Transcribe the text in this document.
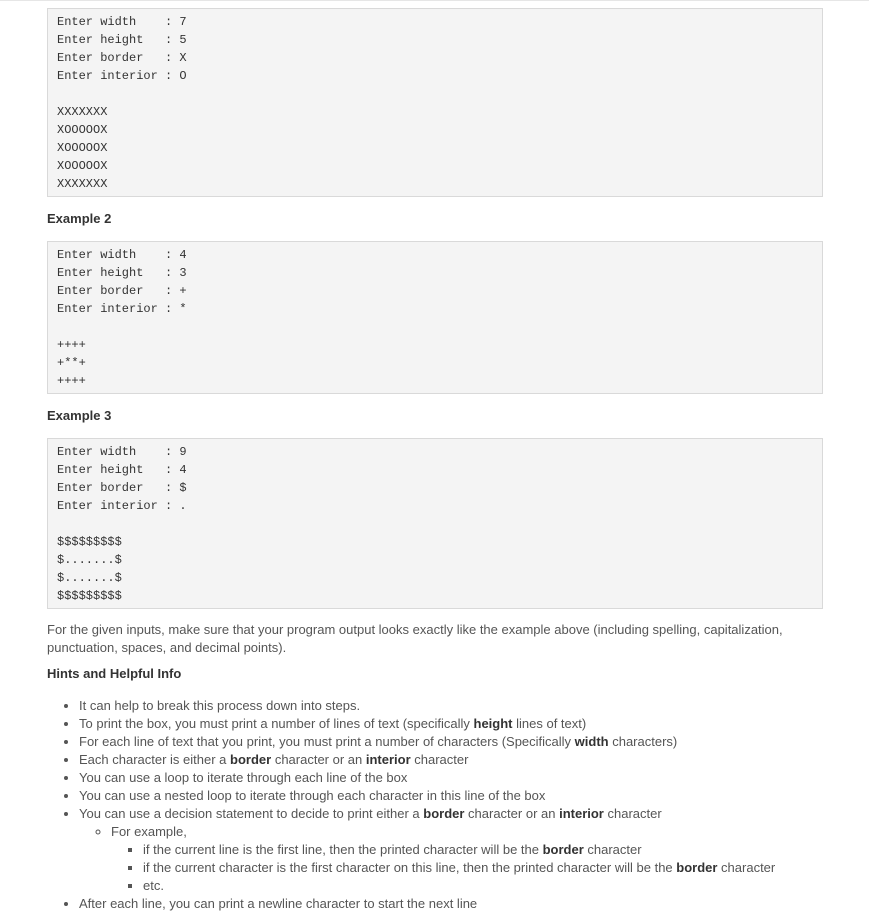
Enter width    : 7
Enter height   : 5
Enter border   : X
Enter interior : O
XXXXXXX
XOOOOOX
XOOOOOX
XOOOOOX
XXXXXXX
Example 2
Enter width    : 4
Enter height   : 3
Enter border   : +
Enter interior : *
++++
+**+
++++
Example 3
Enter width    : 9
Enter height   : 4
Enter border   : $
Enter interior : .
$$$$$$$$$
$.......$
$.......$
$$$$$$$$$

For the given inputs, make sure that your program output looks exactly like the example above (including spelling, capitalization, punctuation, spaces, and decimal points).

Hints and Helpful Info
• It can help to break this process down into steps.
• To print the box, you must print a number of lines of text (specifically height lines of text)
• For each line of text that you print, you must print a number of characters (Specifically width characters)
• Each character is either a border character or an interior character
• You can use a loop to iterate through each line of the box
• You can use a nested loop to iterate through each character in this line of the box
• You can use a decision statement to decide to print either a border character or an interior character
◦ For example,
▪ if the current line is the first line, then the printed character will be the border character
▪ if the current character is the first character on this line, then the printed character will be the border character
▪ etc.
• After each line, you can print a newline character to start the next line
